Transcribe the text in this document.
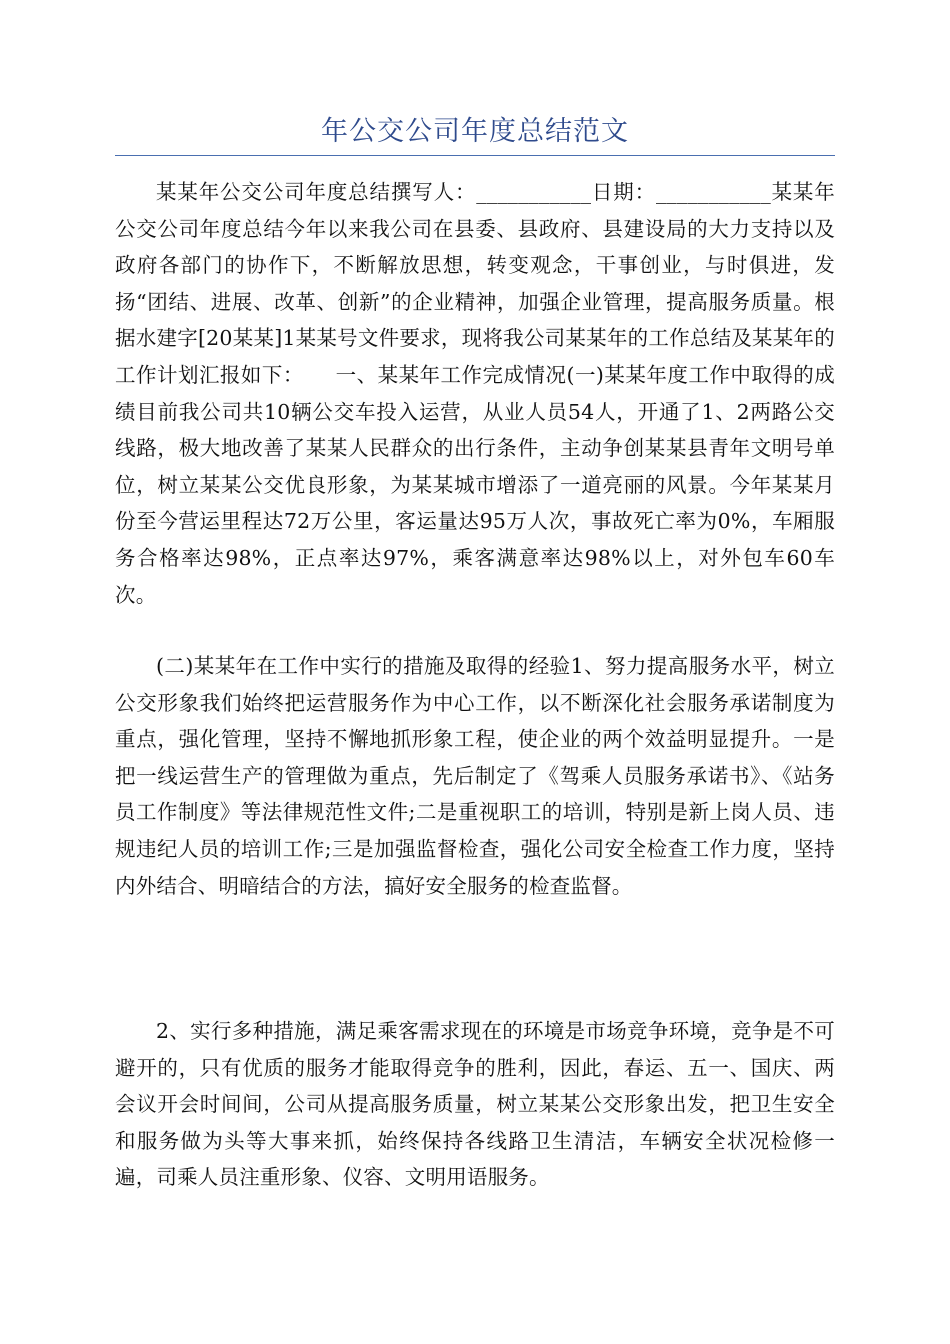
年公交公司年度总结范文

某某年公交公司年度总结撰写人：___________日期：___________某某年公交公司年度总结今年以来我公司在县委、县政府、县建设局的大力支持以及政府各部门的协作下，不断解放思想，转变观念，干事创业，与时俱进，发扬“团结、进展、改革、创新”的企业精神，加强企业管理，提高服务质量。根据水建字[20某某]1某某号文件要求，现将我公司某某年的工作总结及某某年的工作计划汇报如下：　　一、某某年工作完成情况(一)某某年度工作中取得的成绩目前我公司共10辆公交车投入运营，从业人员54人，开通了1、2两路公交线路，极大地改善了某某人民群众的出行条件，主动争创某某县青年文明号单位，树立某某公交优良形象，为某某城市增添了一道亮丽的风景。今年某某月份至今营运里程达72万公里，客运量达95万人次，事故死亡率为0%，车厢服务合格率达98%，正点率达97%，乘客满意率达98%以上，对外包车60车次。

(二)某某年在工作中实行的措施及取得的经验1、努力提高服务水平，树立公交形象我们始终把运营服务作为中心工作，以不断深化社会服务承诺制度为重点，强化管理，坚持不懈地抓形象工程，使企业的两个效益明显提升。一是把一线运营生产的管理做为重点，先后制定了《驾乘人员服务承诺书》、《站务员工作制度》等法律规范性文件;二是重视职工的培训，特别是新上岗人员、违规违纪人员的培训工作;三是加强监督检查，强化公司安全检查工作力度，坚持内外结合、明暗结合的方法，搞好安全服务的检查监督。

2、实行多种措施，满足乘客需求现在的环境是市场竞争环境，竞争是不可避开的，只有优质的服务才能取得竞争的胜利，因此，春运、五一、国庆、两会议开会时间间，公司从提高服务质量，树立某某公交形象出发，把卫生安全和服务做为头等大事来抓，始终保持各线路卫生清洁，车辆安全状况检修一遍，司乘人员注重形象、仪容、文明用语服务。
